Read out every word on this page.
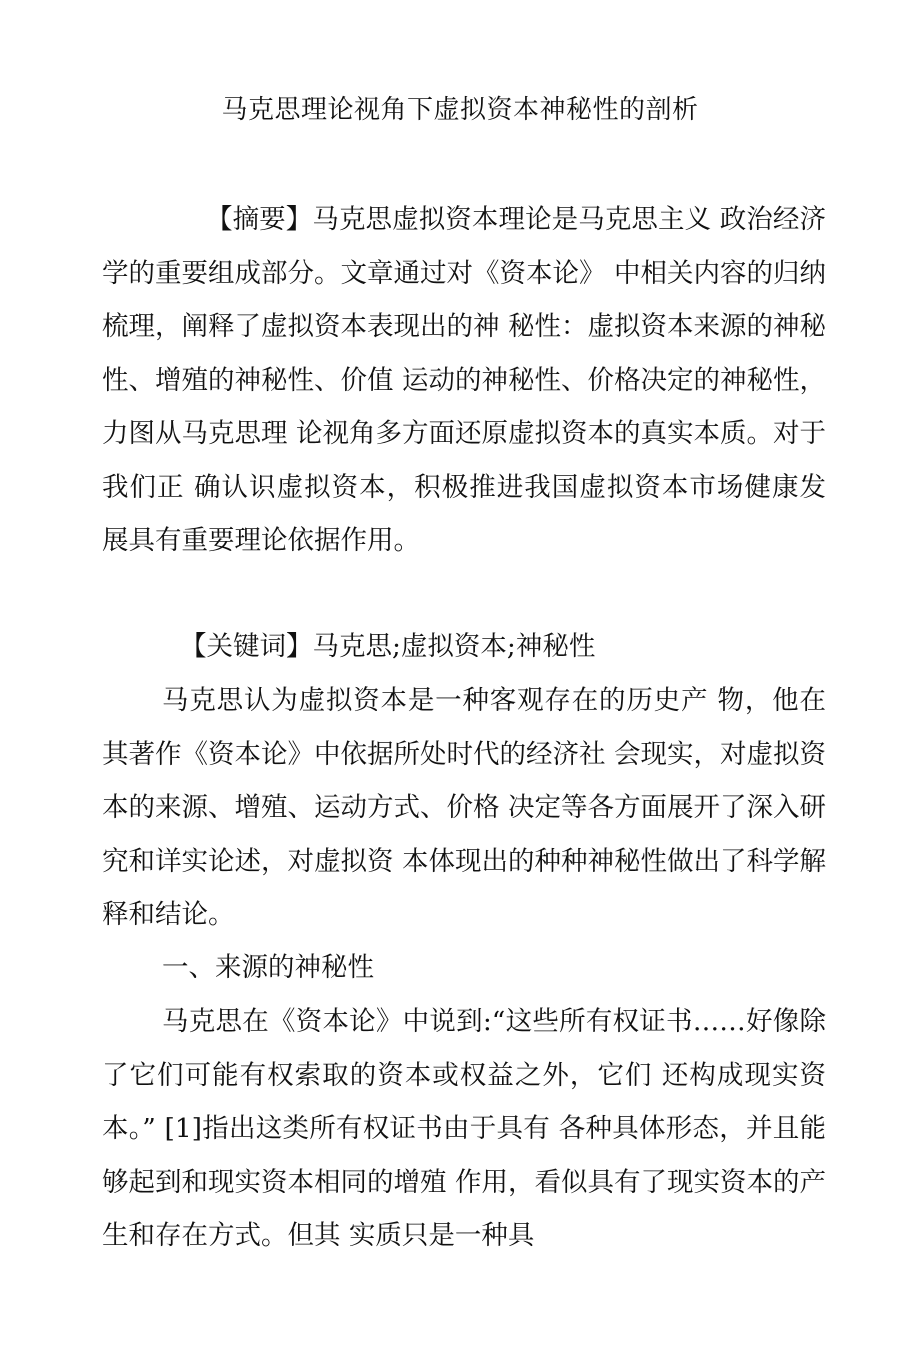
马克思理论视角下虚拟资本神秘性的剖析
【摘要】马克思虚拟资本理论是马克思主义 政治经济学的重要组成部分。文章通过对《资本论》 中相关内容的归纳梳理，阐释了虚拟资本表现出的神 秘性：虚拟资本来源的神秘性、增殖的神秘性、价值 运动的神秘性、价格决定的神秘性，力图从马克思理 论视角多方面还原虚拟资本的真实本质。对于我们正 确认识虚拟资本，积极推进我国虚拟资本市场健康发 展具有重要理论依据作用。
【关键词】马克思;虚拟资本;神秘性
马克思认为虚拟资本是一种客观存在的历史产 物，他在其著作《资本论》中依据所处时代的经济社 会现实，对虚拟资本的来源、增殖、运动方式、价格 决定等各方面展开了深入研究和详实论述，对虚拟资 本体现出的种种神秘性做出了科学解释和结论。
一、来源的神秘性
马克思在《资本论》中说到:“这些所有权证书……好像除了它们可能有权索取的资本或权益之外，它们 还构成现实资本。” [1]指出这类所有权证书由于具有 各种具体形态，并且能够起到和现实资本相同的增殖 作用，看似具有了现实资本的产生和存在方式。但其 实质只是一种具
